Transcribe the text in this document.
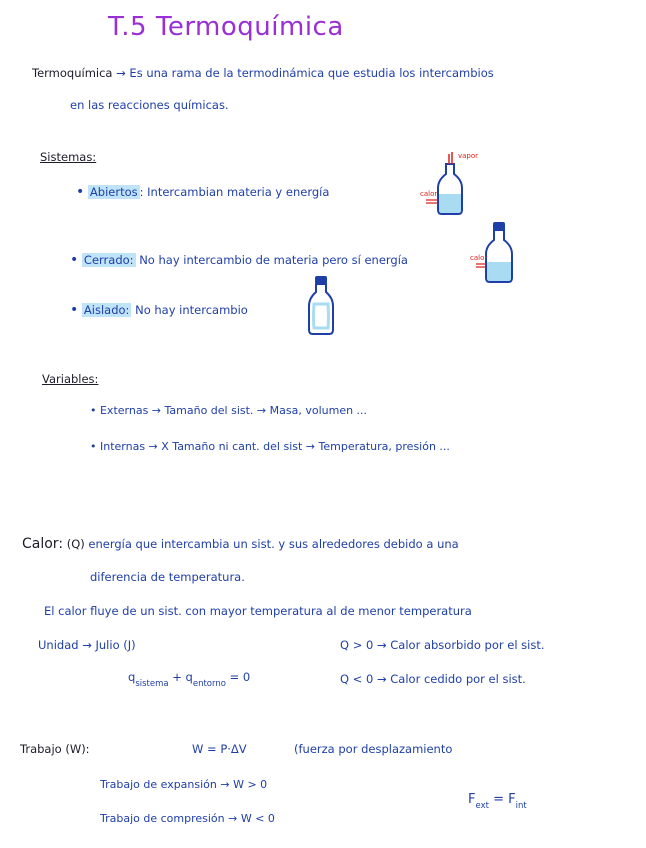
T.5 Termoquímica
Termoquímica → Es una rama de la termodinámica que estudia los intercambios
en las reacciones químicas.
Sistemas:
• Abiertos : Intercambian materia y energía
• Cerrado: No hay intercambio de materia pero sí energía
• Aislado: No hay intercambio
vapor
calor
calor
Variables:
• Externas → Tamaño del sist. → Masa, volumen ...
• Internas → X Tamaño ni cant. del sist → Temperatura, presión ...
Calor: (Q) energía que intercambia un sist. y sus alrededores debido a una
diferencia de temperatura.
El calor fluye de un sist. con mayor temperatura al de menor temperatura
Unidad → Julio (J)	Q > 0 → Calor absorbido por el sist.
$q_{sistema} + q_{entorno} = 0$	Q < 0 → Calor cedido por el sist.
Trabajo (W):	W = P·ΔV	(fuerza por desplazamiento
Trabajo de expansión → W > 0
Trabajo de compresión → W < 0
$F_{ext} = F_{int}$
